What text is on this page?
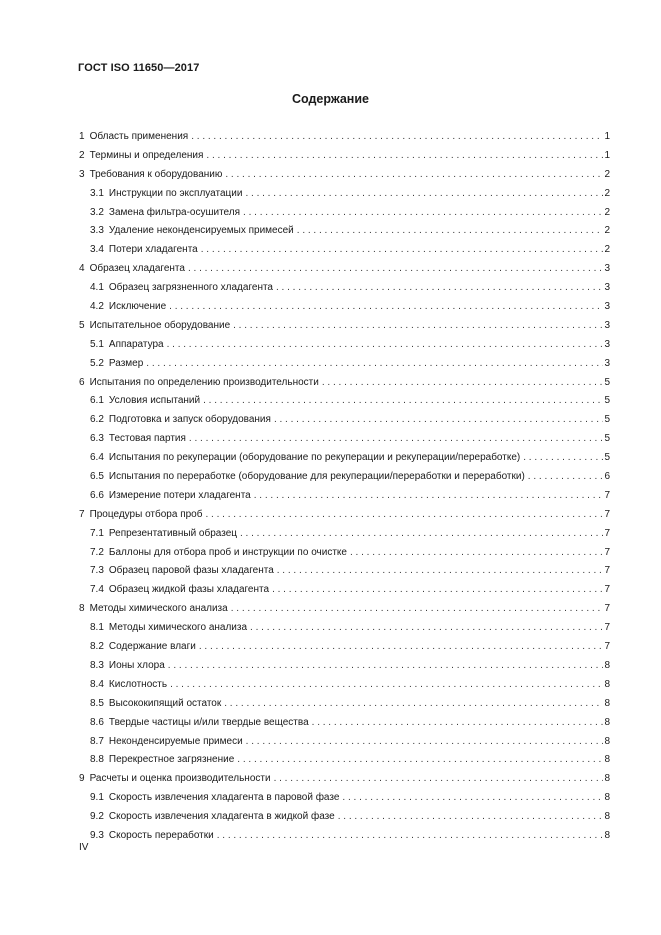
ГОСТ ISO 11650—2017
Содержание
1 Область применения . . .	1
2 Термины и определения . . .	1
3 Требования к оборудованию . . .	2
3.1 Инструкции по эксплуатации . . .	2
3.2 Замена фильтра-осушителя . . .	2
3.3 Удаление неконденсируемых примесей . . .	2
3.4 Потери хладагента . . .	2
4 Образец хладагента . . .	3
4.1 Образец загрязненного хладагента . . .	3
4.2 Исключение . . .	3
5 Испытательное оборудование . . .	3
5.1 Аппаратура . . .	3
5.2 Размер . . .	3
6 Испытания по определению производительности . . .	5
6.1 Условия испытаний . . .	5
6.2 Подготовка и запуск оборудования . . .	5
6.3 Тестовая партия . . .	5
6.4 Испытания по рекуперации (оборудование по рекуперации и рекуперации/переработке) . . .	5
6.5 Испытания по переработке (оборудование для рекуперации/переработки и переработки) . . .	6
6.6 Измерение потери хладагента . . .	7
7 Процедуры отбора проб . . .	7
7.1 Репрезентативный образец . . .	7
7.2 Баллоны для отбора проб и инструкции по очистке . . .	7
7.3 Образец паровой фазы хладагента . . .	7
7.4 Образец жидкой фазы хладагента . . .	7
8 Методы химического анализа . . .	7
8.1 Методы химического анализа . . .	7
8.2 Содержание влаги . . .	7
8.3 Ионы хлора . . .	8
8.4 Кислотность . . .	8
8.5 Высококипящий остаток . . .	8
8.6 Твердые частицы и/или твердые вещества . . .	8
8.7 Неконденсируемые примеси . . .	8
8.8 Перекрестное загрязнение . . .	8
9 Расчеты и оценка производительности . . .	8
9.1 Скорость извлечения хладагента в паровой фазе . . .	8
9.2 Скорость извлечения хладагента в жидкой фазе . . .	8
9.3 Скорость переработки . . .	8
IV
